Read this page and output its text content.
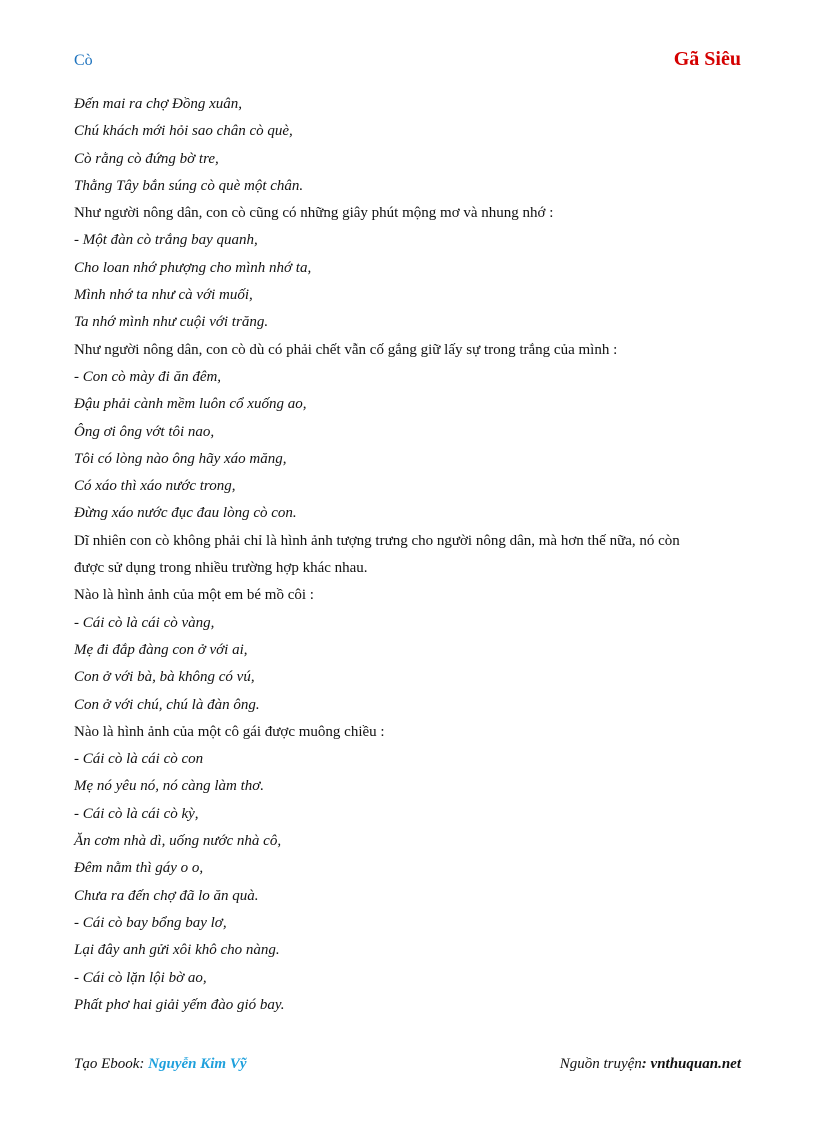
Cò	Gã Siêu
Đến mai ra chợ Đồng xuân,
Chú khách mới hỏi sao chân cò què,
Cò rằng cò đứng bờ tre,
Thằng Tây bắn súng cò què một chân.
Như người nông dân, con cò cũng có những giây phút mộng mơ và nhung nhớ :
- Một đàn cò trắng bay quanh,
Cho loan nhớ phượng cho mình nhớ ta,
Mình nhớ ta như cà với muối,
Ta nhớ mình như cuội với trăng.
Như người nông dân, con cò dù có phải chết vẫn cố gắng giữ lấy sự trong trắng của mình :
- Con cò mày đi ăn đêm,
Đậu phải cành mềm luôn cổ xuống ao,
Ông ơi ông vớt tôi nao,
Tôi có lòng nào ông hãy xáo măng,
Có xáo thì xáo nước trong,
Đừng xáo nước đục đau lòng cò con.
Dĩ nhiên con cò không phải chỉ là hình ảnh tượng trưng cho người nông dân, mà hơn thế nữa, nó còn
được sử dụng trong nhiều trường hợp khác nhau.
Nào là hình ảnh của một em bé mồ côi :
- Cái cò là cái cò vàng,
Mẹ đi đắp đàng con ở với ai,
Con ở với bà, bà không có vú,
Con ở với chú, chú là đàn ông.
Nào là hình ảnh của một cô gái được muông chiều :
- Cái cò là cái cò con
Mẹ nó yêu nó, nó càng làm thơ.
- Cái cò là cái cò kỳ,
Ăn cơm nhà dì, uống nước nhà cô,
Đêm nằm thì gáy o o,
Chưa ra đến chợ đã lo ăn quà.
- Cái cò bay bổng bay lơ,
Lại đây anh gửi xôi khô cho nàng.
- Cái cò lặn lội bờ ao,
Phất phơ hai giải yếm đào gió bay.
Tạo Ebook: Nguyễn Kim Vỹ	Nguồn truyện: vnthuquan.net
